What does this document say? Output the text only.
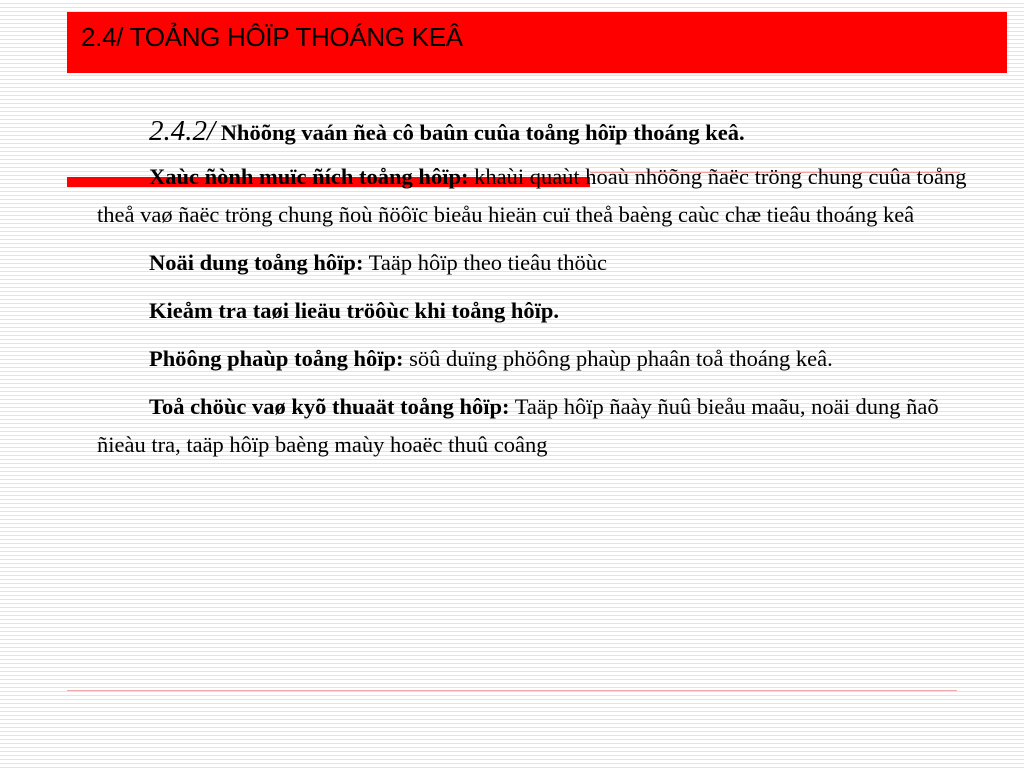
2.4/ TOẢNG HÔÏP THOÁNG KEÂ
2.4.2/ Nhöõng vaán ñeà cô baûn cuûa toång hôïp thoáng keâ.

Xaùc ñònh muïc ñích toång hôïp: khaùi quaùt hoaù nhöõng ñaëc tröng chung cuûa toång theå vaø ñaëc tröng chung ñoù ñöôïc bieåu hieän cuï theå baèng caùc chæ tieâu thoáng keâ

Noäi dung toång hôïp: Taäp hôïp theo tieâu thöùc

Kieåm tra taøi lieäu tröôùc khi toång hôïp.

Phöông phaùp toång hôïp: söû duïng phöông phaùp phaân toå thoáng keâ.

Toå chöùc vaø kyõ thuaät toång hôïp: Taäp hôïp ñaày ñuû bieåu maãu, noäi dung ñaõ ñieàu tra, taäp hôïp baèng maùy hoaëc thuû coâng
